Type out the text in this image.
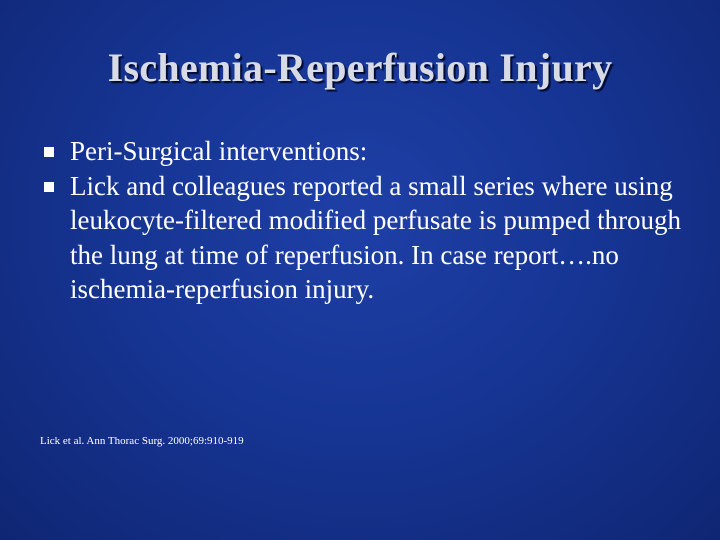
Ischemia-Reperfusion Injury
Peri-Surgical interventions:
Lick and colleagues reported a small series where using leukocyte-filtered modified perfusate is pumped through the lung at time of reperfusion. In case report….no ischemia-reperfusion injury.
Lick et al. Ann Thorac Surg. 2000;69:910-919
